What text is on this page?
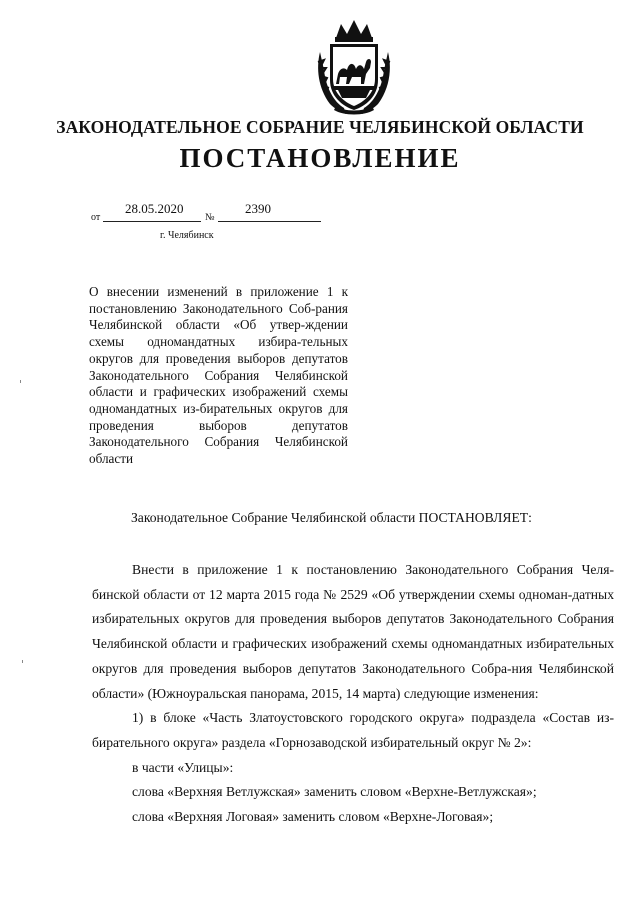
ЗАКОНОДАТЕЛЬНОЕ СОБРАНИЕ ЧЕЛЯБИНСКОЙ ОБЛАСТИ
ПОСТАНОВЛЕНИЕ
от
28.05.2020
№
2390
г. Челябинск
О внесении изменений в приложение 1 к постановлению Законодательного Соб-рания Челябинской области «Об утвер-ждении схемы одномандатных избира-тельных округов для проведения выборов депутатов Законодательного Собрания Челябинской области и графических изображений схемы одномандатных из-бирательных округов для проведения выборов депутатов Законодательного Собрания Челябинской области
Законодательное Собрание Челябинской области ПОСТАНОВЛЯЕТ:

Внести в приложение 1 к постановлению Законодательного Собрания Челя-бинской области от 12 марта 2015 года № 2529 «Об утверждении схемы одноман-датных избирательных округов для проведения выборов депутатов Законодательного Собрания Челябинской области и графических изображений схемы одномандатных избирательных округов для проведения выборов депутатов Законодательного Собра-ния Челябинской области» (Южноуральская панорама, 2015, 14 марта) следующие изменения:

1) в блоке «Часть Златоустовского городского округа» подраздела «Состав из-бирательного округа» раздела «Горнозаводской избирательный округ № 2»:

в части «Улицы»:

слова «Верхняя Ветлужская» заменить словом «Верхне-Ветлужская»;

слова «Верхняя Логовая» заменить словом «Верхне-Логовая»;
